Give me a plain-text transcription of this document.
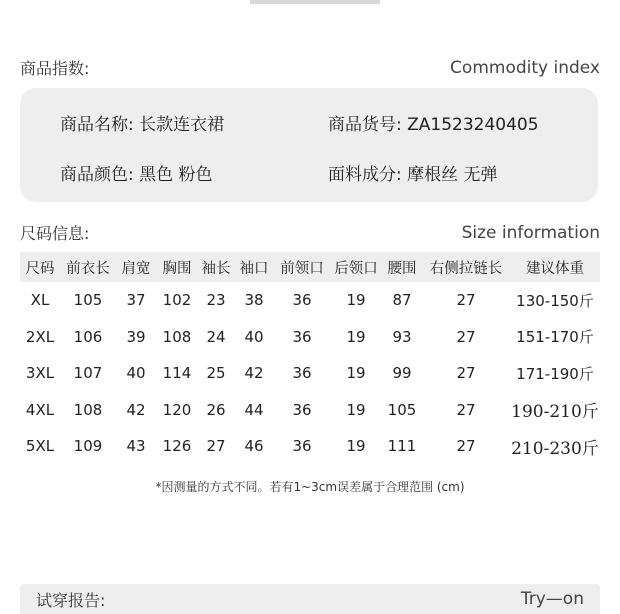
商品指数:	Commodity index
商品名称: 长款连衣裙	商品货号: ZA1523240405
商品颜色: 黑色 粉色	面料成分: 摩根丝 无弹
尺码信息:	Size information
尺码	前衣长	肩宽	胸围	袖长	袖口	前领口	后领口	腰围	右侧拉链长	建议体重
XL	105	37	102	23	38	36	19	87	27	130-150斤
2XL	106	39	108	24	40	36	19	93	27	151-170斤
3XL	107	40	114	25	42	36	19	99	27	171-190斤
4XL	108	42	120	26	44	36	19	105	27	190-210斤
5XL	109	43	126	27	46	36	19	111	27	210-230斤
*因测量的方式不同。若有1~3cm误差属于合理范围 (cm)
试穿报告:	Try—on
